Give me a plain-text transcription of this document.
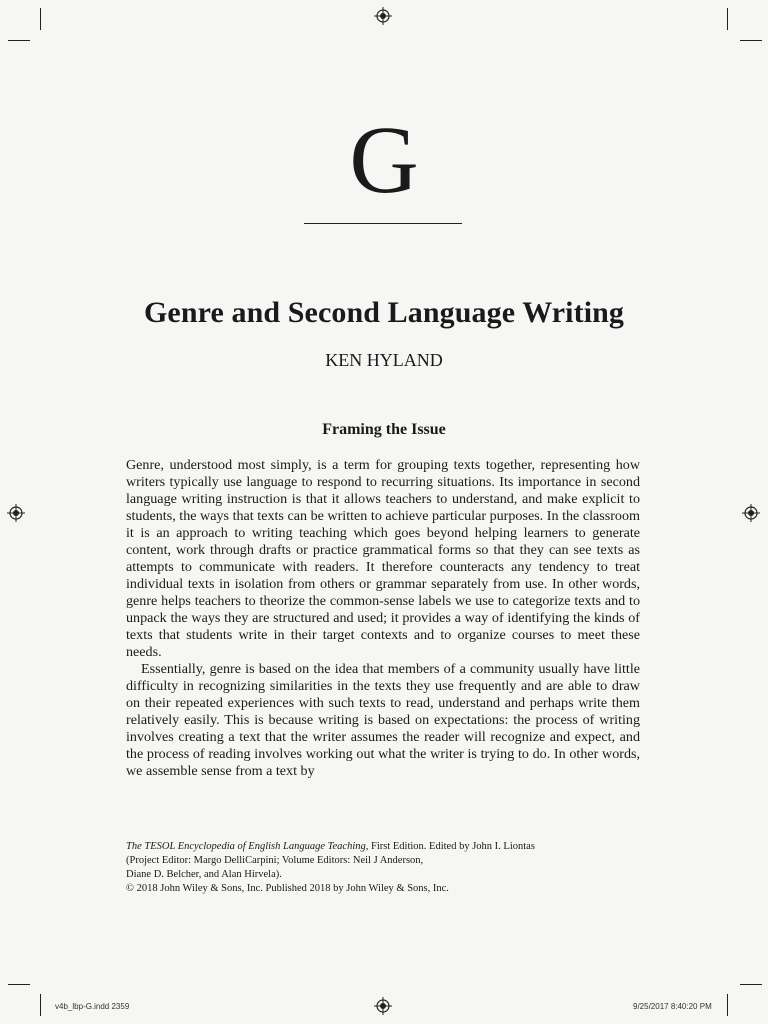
G
Genre and Second Language Writing
KEN HYLAND
Framing the Issue

Genre, understood most simply, is a term for grouping texts together, representing how writers typically use language to respond to recurring situations. Its importance in second language writing instruction is that it allows teachers to understand, and make explicit to students, the ways that texts can be written to achieve particular purposes. In the classroom it is an approach to writing teaching which goes beyond helping learners to generate content, work through drafts or practice grammatical forms so that they can see texts as attempts to communicate with readers. It therefore counteracts any tendency to treat individual texts in isolation from others or grammar separately from use. In other words, genre helps teachers to theorize the common-sense labels we use to categorize texts and to unpack the ways they are structured and used; it provides a way of identifying the kinds of texts that students write in their target contexts and to organize courses to meet these needs.

Essentially, genre is based on the idea that members of a community usually have little difficulty in recognizing similarities in the texts they use frequently and are able to draw on their repeated experiences with such texts to read, understand and perhaps write them relatively easily. This is because writing is based on expectations: the process of writing involves creating a text that the writer assumes the reader will recognize and expect, and the process of reading involves working out what the writer is trying to do. In other words, we assemble sense from a text by

The TESOL Encyclopedia of English Language Teaching, First Edition. Edited by John I. Liontas
(Project Editor: Margo DelliCarpini; Volume Editors: Neil J Anderson,
Diane D. Belcher, and Alan Hirvela).
© 2018 John Wiley & Sons, Inc. Published 2018 by John Wiley & Sons, Inc.
v4b_lbp-G.indd 2359	9/25/2017 8:40:20 PM
